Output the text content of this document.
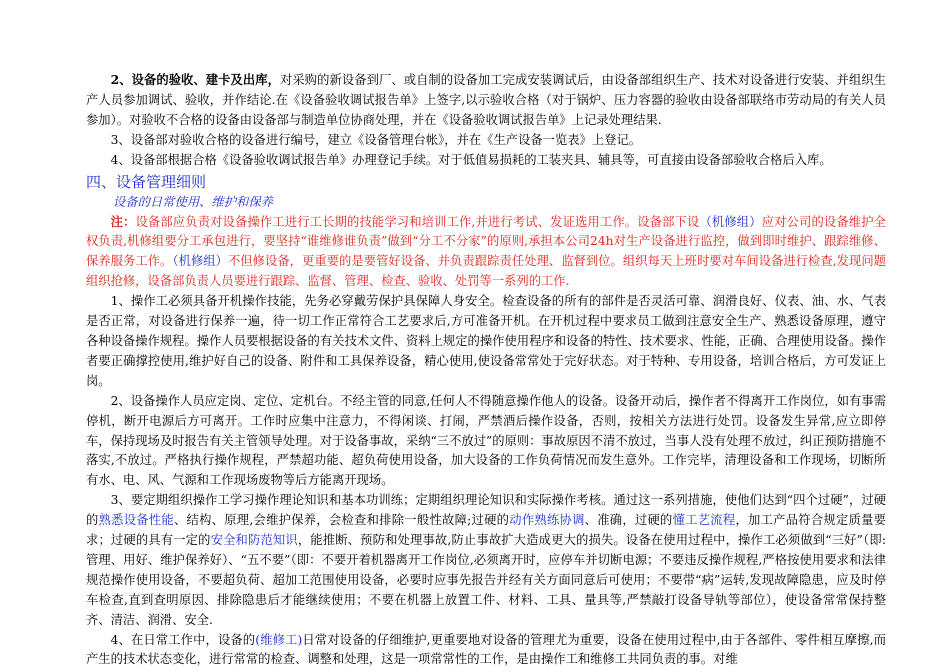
2、设备的验收、建卡及出库，对采购的新设备到厂、或自制的设备加工完成安装调试后，由设备部组织生产、技术对设备进行安装、并组织生产人员参加调试、验收，并作结论.在《设备验收调试报告单》上签字,以示验收合格（对于锅炉、压力容器的验收由设备部联络市劳动局的有关人员参加）。对验收不合格的设备由设备部与制造单位协商处理，并在《设备验收调试报告单》上记录处理结果.

3、设备部对验收合格的设备进行编号，建立《设备管理台帐》，并在《生产设备一览表》上登记。

4、设备部根据合格《设备验收调试报告单》办理登记手续。对于低值易损耗的工装夹具、辅具等，可直接由设备部验收合格后入库。

四、设备管理细则
设备的日常使用、维护和保养

注：设备部应负责对设备操作工进行工长期的技能学习和培训工作,并进行考试、发证选用工作。设备部下设（机修组）应对公司的设备维护全权负责,机修组要分工承包进行，要坚持“谁维修谁负责”做到“分工不分家”的原则,承担本公司24h对生产设备进行监控，做到即时维护、跟踪维修、保养服务工作。（机修组）不但修设备，更重要的是要管好设备、并负责跟踪责任处理、监督到位。组织每天上班时要对车间设备进行检查,发现问题组织抢修，设备部负责人员要进行跟踪、监督、管理、检查、验收、处罚等一系列的工作.

1、操作工必须具备开机操作技能，先务必穿戴劳保护具保障人身安全。检查设备的所有的部件是否灵活可靠、润滑良好、仪表、油、水、气表是否正常，对设备进行保养一遍，待一切工作正常符合工艺要求后,方可准备开机。在开机过程中要求员工做到注意安全生产、熟悉设备原理，遵守各种设备操作规程。操作人员要根据设备的有关技术文件、资料上规定的操作使用程序和设备的特性、技术要求、性能，正确、合理使用设备。操作者要正确撑控使用,维护好自己的设备、附件和工具保养设备，精心使用,使设备常常处于完好状态。对于特种、专用设备，培训合格后，方可发证上岗。

2、设备操作人员应定岗、定位、定机台。不经主管的同意,任何人不得随意操作他人的设备。设备开动后，操作者不得离开工作岗位，如有事需停机，断开电源后方可离开。工作时应集中注意力，不得闲谈、打闹，严禁酒后操作设备，否则，按相关方法进行处罚。设备发生异常,应立即停车，保持现场及时报告有关主管领导处理。对于设备事故，采纳“三不放过”的原则：事故原因不清不放过，当事人没有处理不放过，纠正预防措施不落实,不放过。严格执行操作规程，严禁超功能、超负荷使用设备，加大设备的工作负荷情况而发生意外。工作完毕，清理设备和工作现场，切断所有水、电、风、气源和工作现场废物等后方能离开现场。

3、要定期组织操作工学习操作理论知识和基本功训练；定期组织理论知识和实际操作考核。通过这一系列措施，使他们达到“四个过硬”，过硬的熟悉设备性能、结构、原理,会维护保养，会检查和排除一般性故障;过硬的动作熟练协调、准确，过硬的懂工艺流程，加工产品符合规定质量要求；过硬的具有一定的安全和防范知识，能推断、预防和处理事故,防止事故扩大造成更大的损失。设备在使用过程中，操作工必须做到“三好”（即:管理、用好、维护保养好）、“五不要”（即：不要开着机器离开工作岗位,必须离开时，应停车并切断电源；不要违反操作规程,严格按使用要求和法律规范操作使用设备，不要超负荷、超加工范围使用设备，必要时应事先报告并经有关方面同意后可使用；不要带“病”运转,发现故障隐患，应及时停车检查,直到查明原因、排除隐患后才能继续使用；不要在机器上放置工件、材料、工具、量具等,严禁敲打设备导轨等部位），使设备常常保持整齐、清洁、润滑、安全.

4、在日常工作中，设备的(维修工)日常对设备的仔细维护,更重要地对设备的管理尤为重要，设备在使用过程中,由于各部件、零件相互摩擦,而产生的技术状态变化，进行常常的检查、调整和处理，这是一项常常性的工作，是由操作工和维修工共同负责的事。对维
